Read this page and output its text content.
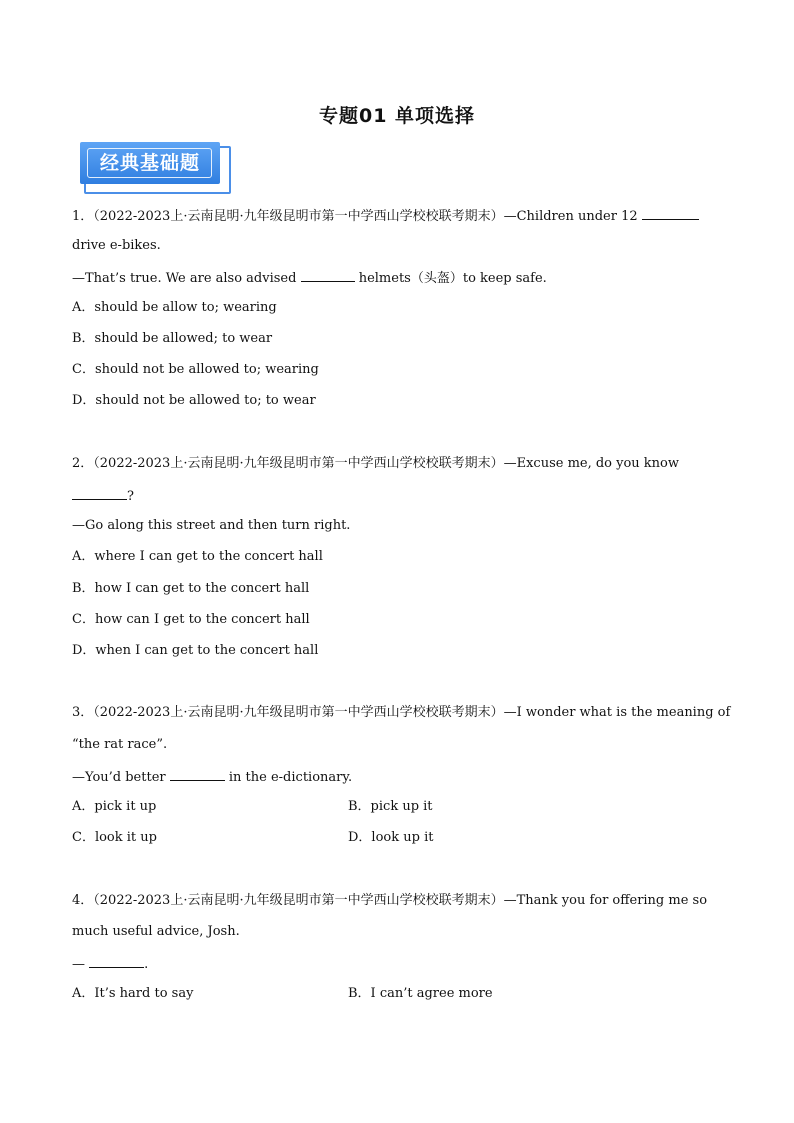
专题01 单项选择
经典基础题
1．（2022-2023上·云南昆明·九年级昆明市第一中学西山学校校联考期末）—Children under 12
drive e-bikes.
—That’s true. We are also advised	helmets（头盔）to keep safe.
A．should be allow to; wearing
B．should be allowed; to wear
C．should not be allowed to; wearing
D．should not be allowed to; to wear
2．（2022-2023上·云南昆明·九年级昆明市第一中学西山学校校联考期末）—Excuse me, do you know
?
—Go along this street and then turn right.
A．where I can get to the concert hall
B．how I can get to the concert hall
C．how can I get to the concert hall
D．when I can get to the concert hall
3．（2022-2023上·云南昆明·九年级昆明市第一中学西山学校校联考期末）—I wonder what is the meaning of
“the rat race”.
—You’d better	in the e-dictionary.
A．pick it up	B．pick up it
C．look it up	D．look up it
4．（2022-2023上·云南昆明·九年级昆明市第一中学西山学校校联考期末）—Thank you for offering me so
much useful advice, Josh.
—	.
A．It’s hard to say	B．I can’t agree more
